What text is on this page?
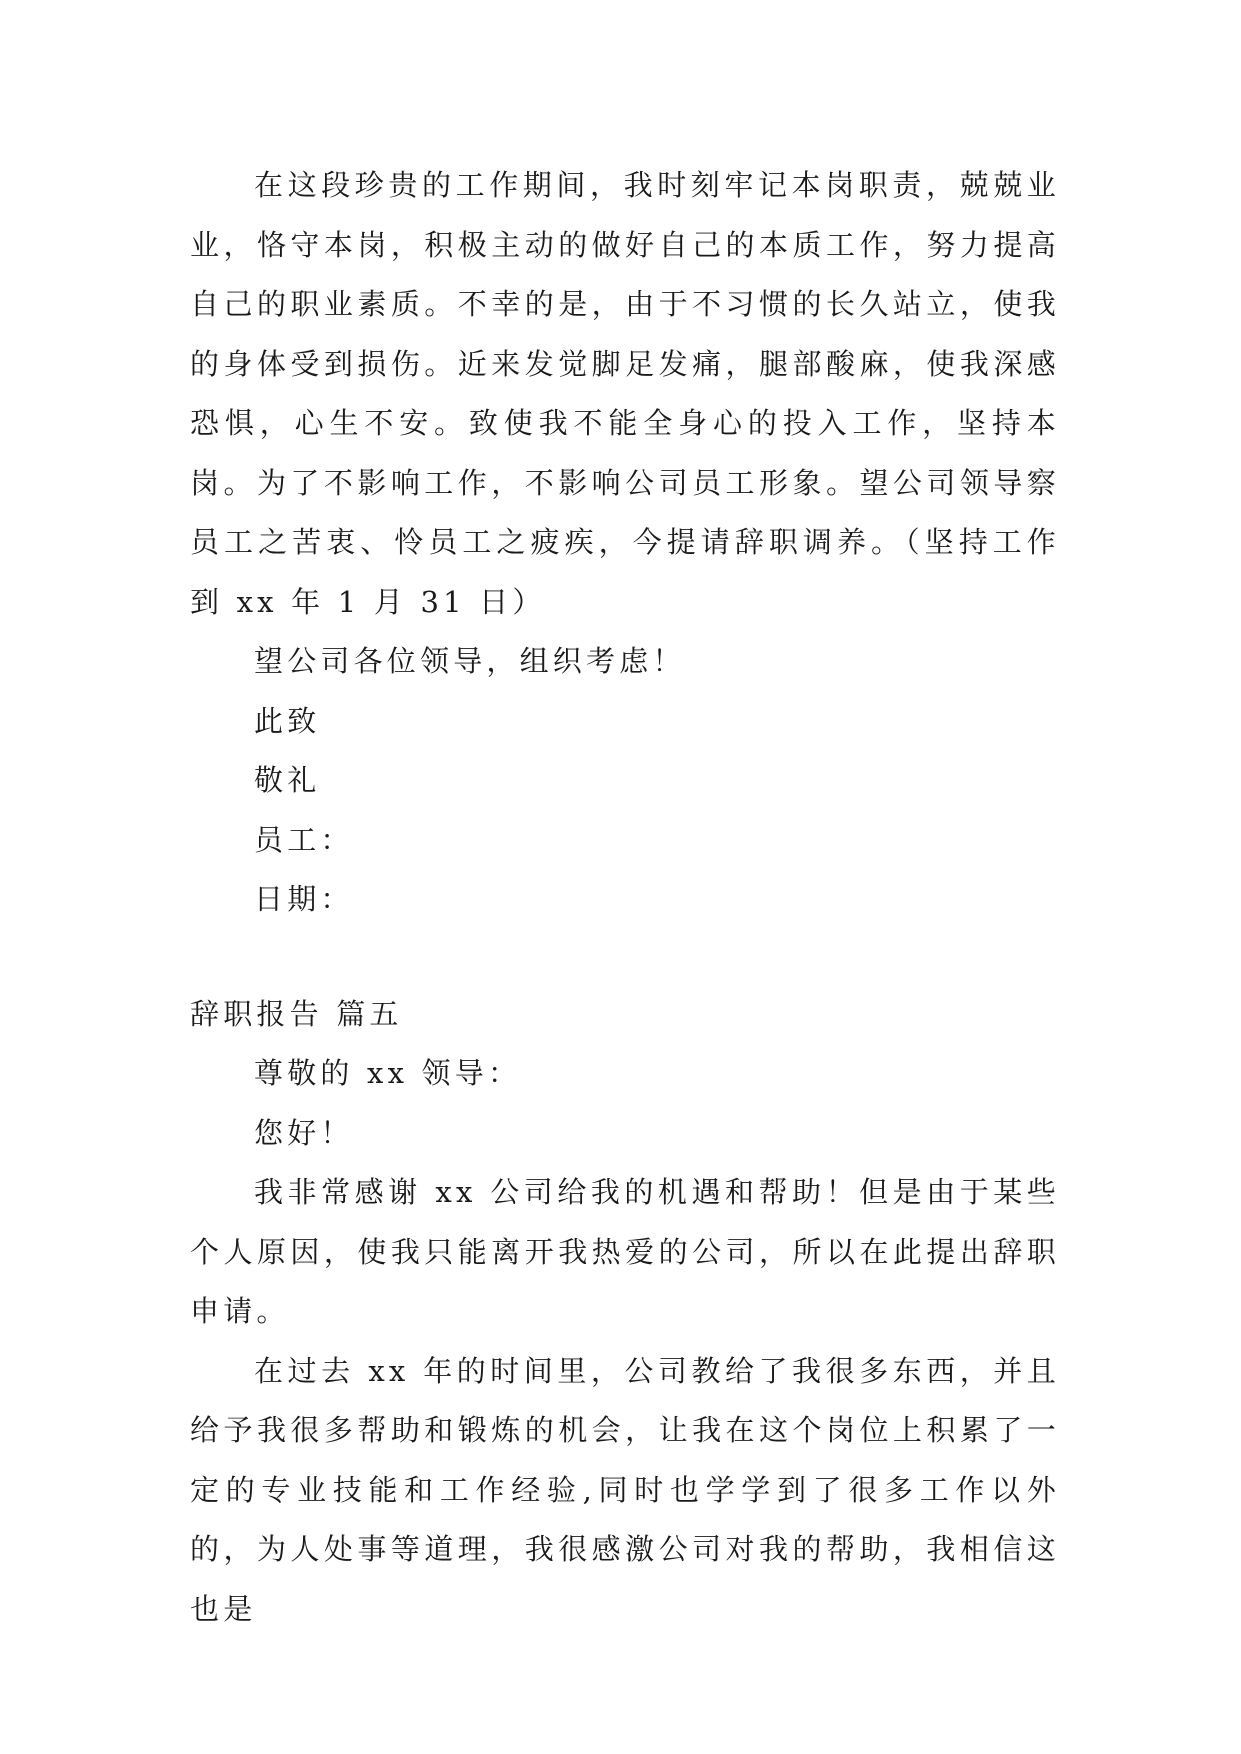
在这段珍贵的工作期间，我时刻牢记本岗职责，兢兢业业，恪守本岗，积极主动的做好自己的本质工作，努力提高自己的职业素质。不幸的是，由于不习惯的长久站立，使我的身体受到损伤。近来发觉脚足发痛，腿部酸麻，使我深感恐惧，心生不安。致使我不能全身心的投入工作，坚持本岗。为了不影响工作，不影响公司员工形象。望公司领导察员工之苦衷、怜员工之疲疾，今提请辞职调养。（坚持工作到 xx 年 1 月 31 日）

望公司各位领导，组织考虑！

此致

敬礼

员工：

日期：

辞职报告 篇五

尊敬的 xx 领导：

您好！

我非常感谢 xx 公司给我的机遇和帮助！但是由于某些个人原因，使我只能离开我热爱的公司，所以在此提出辞职申请。

在过去 xx 年的时间里，公司教给了我很多东西，并且给予我很多帮助和锻炼的机会，让我在这个岗位上积累了一定的专业技能和工作经验,同时也学学到了很多工作以外的，为人处事等道理，我很感激公司对我的帮助，我相信这也是
